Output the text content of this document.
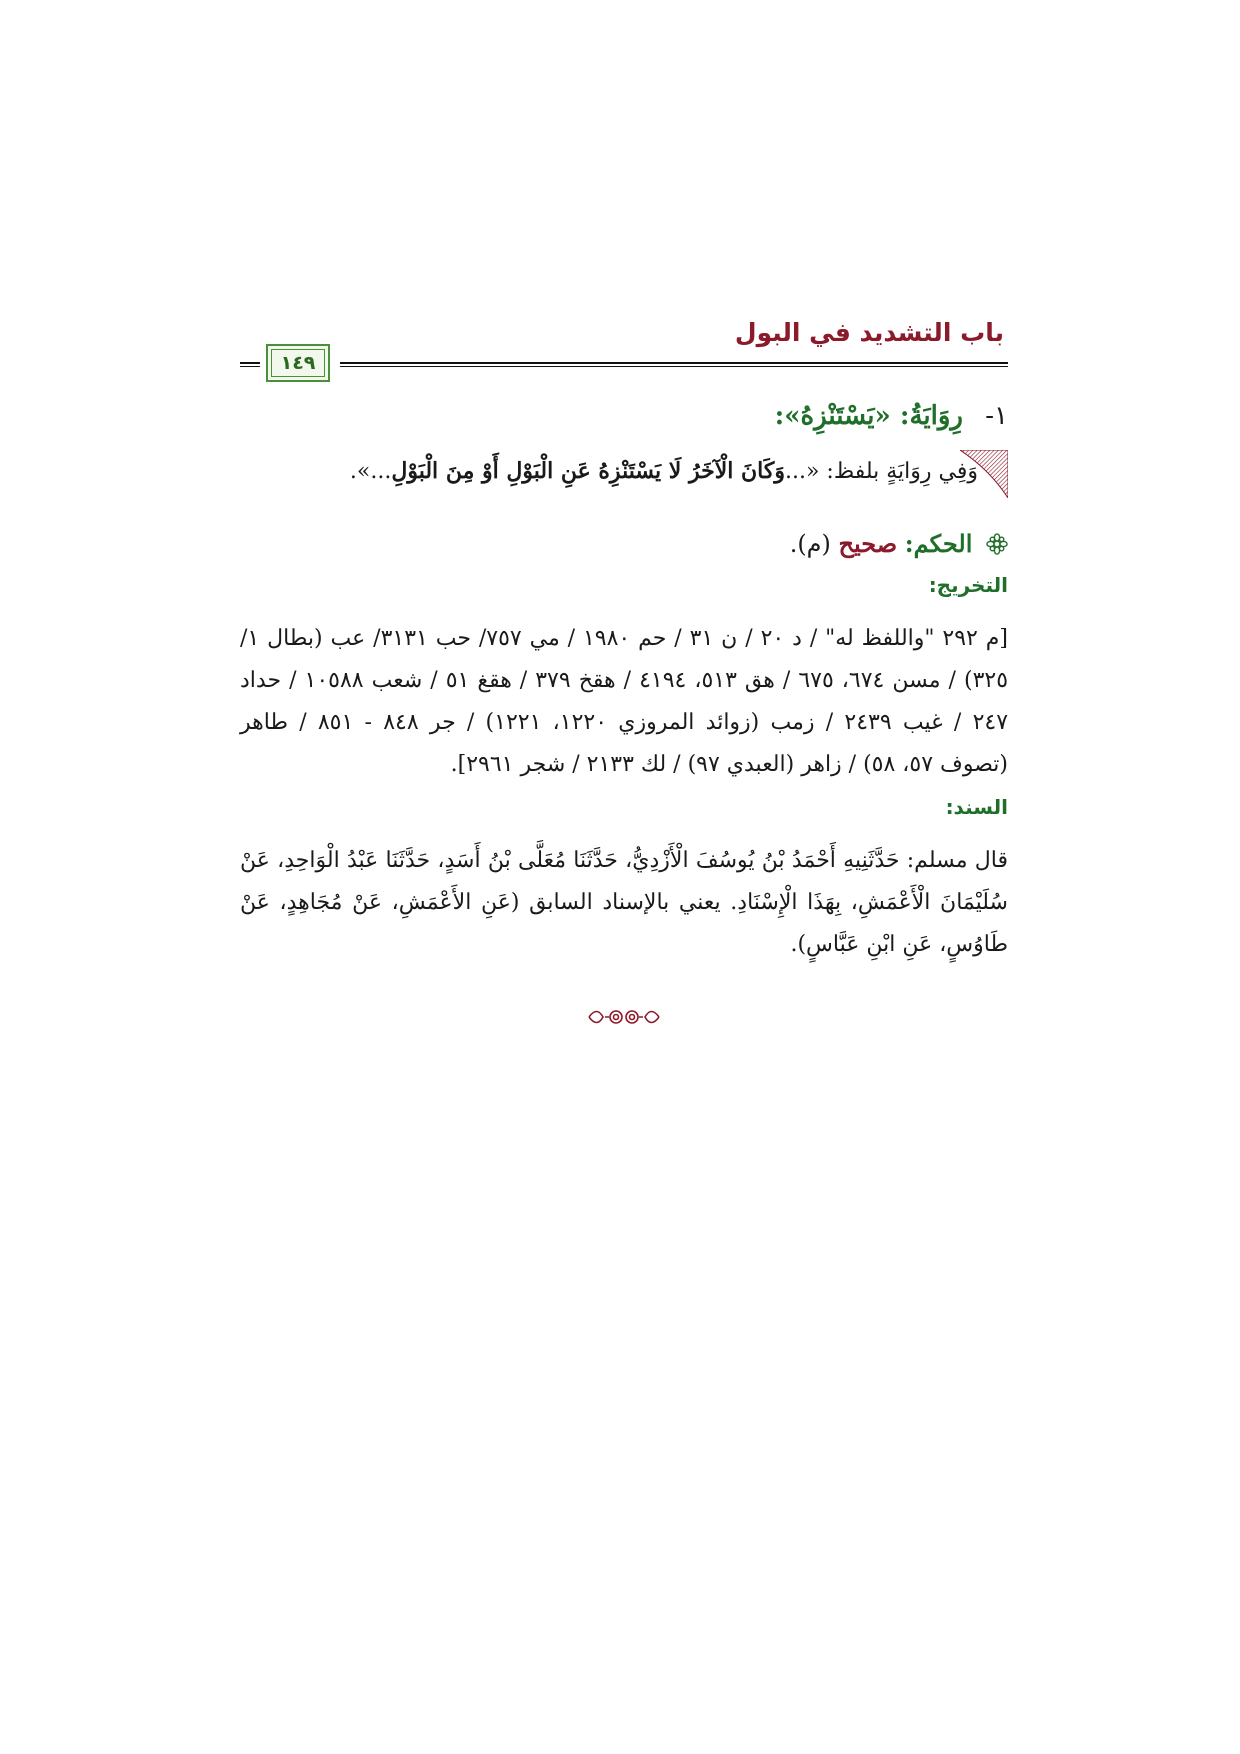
باب التشديد في البول
١٤٩
١- رِوَايَةُ: «يَسْتَنْزِهُ»:
وَفِي رِوَايَةٍ بلفظ: «...وَكَانَ الْآخَرُ لَا يَسْتَنْزِهُ عَنِ الْبَوْلِ أَوْ مِنَ الْبَوْلِ...».
الحكم: صحيح (م).
التخريج:

[م ٢٩٢ "واللفظ له" / د ٢٠ / ن ٣١ / حم ١٩٨٠ / مي ٧٥٧/ حب ٣١٣١/ عب (بطال ١/ ٣٢٥) / مسن ٦٧٤، ٦٧٥ / هق ٥١٣، ٤١٩٤ / هقخ ٣٧٩ / هقغ ٥١ / شعب ١٠٥٨٨ / حداد ٢٤٧ / غيب ٢٤٣٩ / زمب (زوائد المروزي ١٢٢٠، ١٢٢١) / جر ٨٤٨ - ٨٥١ / طاهر (تصوف ٥٧، ٥٨) / زاهر (العبدي ٩٧) / لك ٢١٣٣ / شجر ٢٩٦١].

السند:

قال مسلم: حَدَّثَنِيهِ أَحْمَدُ بْنُ يُوسُفَ الْأَزْدِيُّ، حَدَّثَنَا مُعَلَّى بْنُ أَسَدٍ، حَدَّثَنَا عَبْدُ الْوَاحِدِ، عَنْ سُلَيْمَانَ الْأَعْمَشِ، بِهَذَا الْإِسْنَادِ. يعني بالإسناد السابق (عَنِ الأَعْمَشِ، عَنْ مُجَاهِدٍ، عَنْ طَاوُسٍ، عَنِ ابْنِ عَبَّاسٍ).
